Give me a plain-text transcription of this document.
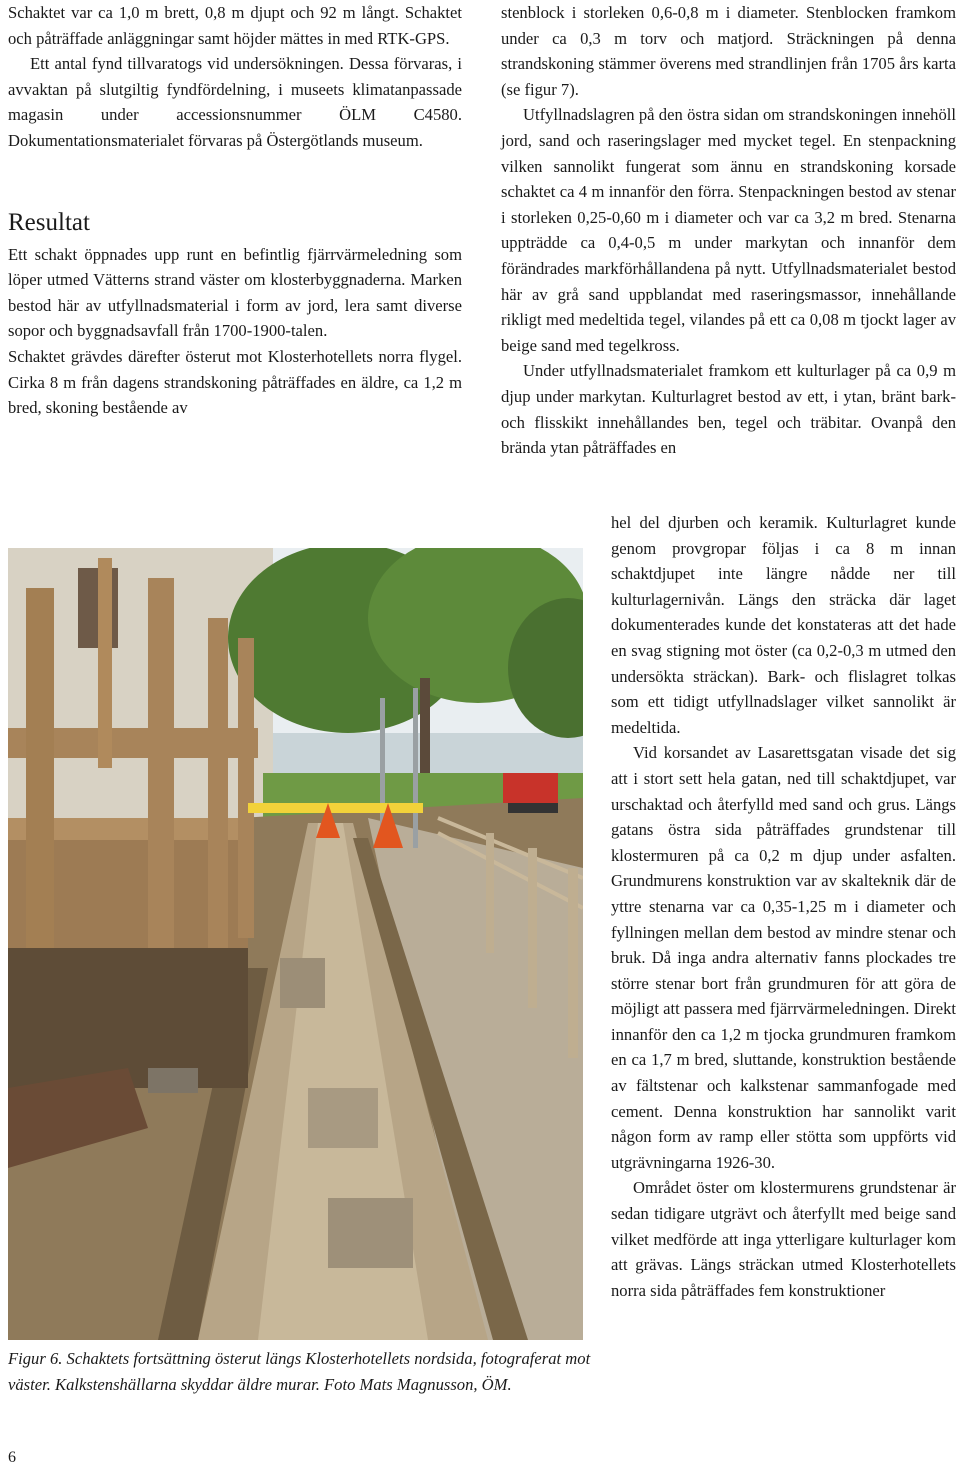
Schaktet var ca 1,0 m brett, 0,8 m djupt och 92 m långt. Schaktet och påträffade anläggningar samt höjder mättes in med RTK-GPS.

Ett antal fynd tillvaratogs vid undersökningen. Dessa förvaras, i avvaktan på slutgiltig fyndfördelning, i museets klimatanpassade magasin under accessionsnummer ÖLM C4580. Dokumentationsmaterialet förvaras på Östergötlands museum.

Resultat

Ett schakt öppnades upp runt en befintlig fjärrvärmeledning som löper utmed Vätterns strand väster om klosterbyggnaderna. Marken bestod här av utfyllnadsmaterial i form av jord, lera samt diverse sopor och byggnadsavfall från 1700-1900-talen.

Schaktet grävdes därefter österut mot Klosterhotellets norra flygel. Cirka 8 m från dagens strandskoning påträffades en äldre, ca 1,2 m bred, skoning bestående av

stenblock i storleken 0,6-0,8 m i diameter. Stenblocken framkom under ca 0,3 m torv och matjord. Sträckningen på denna strandskoning stämmer överens med strandlinjen från 1705 års karta (se figur 7).

Utfyllnadslagren på den östra sidan om strandskoningen innehöll jord, sand och raseringslager med mycket tegel. En stenpackning vilken sannolikt fungerat som ännu en strandskoning korsade schaktet ca 4 m innanför den förra. Stenpackningen bestod av stenar i storleken 0,25-0,60 m i diameter och var ca 3,2 m bred. Stenarna uppträdde ca 0,4-0,5 m under markytan och innanför dem förändrades markförhållandena på nytt. Utfyllnadsmaterialet bestod här av grå sand uppblandat med raseringsmassor, innehållande rikligt med medeltida tegel, vilandes på ett ca 0,08 m tjockt lager av beige sand med tegelkross.

Under utfyllnadsmaterialet framkom ett kulturlager på ca 0,9 m djup under markytan. Kulturlagret bestod av ett, i ytan, bränt bark- och flisskikt innehållandes ben, tegel och träbitar. Ovanpå den brända ytan påträffades en

hel del djurben och keramik. Kulturlagret kunde genom provgropar följas i ca 8 m innan schaktdjupet inte längre nådde ner till kulturlagernivån. Längs den sträcka där laget dokumenterades kunde det konstateras att det hade en svag stigning mot öster (ca 0,2-0,3 m utmed den undersökta sträckan). Bark- och flislagret tolkas som ett tidigt utfyllnadslager vilket sannolikt är medeltida.

Vid korsandet av Lasarettsgatan visade det sig att i stort sett hela gatan, ned till schaktdjupet, var urschaktad och återfylld med sand och grus. Längs gatans östra sida påträffades grundstenar till klostermuren på ca 0,2 m djup under asfalten. Grundmurens konstruktion var av skalteknik där de yttre stenarna var ca 0,35-1,25 m i diameter och fyllningen mellan dem bestod av mindre stenar och bruk. Då inga andra alternativ fanns plockades tre större stenar bort från grundmuren för att göra de möjligt att passera med fjärrvärmeledningen. Direkt innanför den ca 1,2 m tjocka grundmuren framkom en ca 1,7 m bred, sluttande, konstruktion bestående av fältstenar och kalkstenar sammanfogade med cement. Denna konstruktion har sannolikt varit någon form av ramp eller stötta som uppförts vid utgrävningarna 1926-30.

Området öster om klostermurens grundstenar är sedan tidigare utgrävt och återfyllt med beige sand vilket medförde att inga ytterligare kulturlager kom att grävas. Längs sträckan utmed Klosterhotellets norra sida påträffades fem konstruktioner

Figur 6. Schaktets fortsättning österut längs Klosterhotellets nordsida, fotograferat mot väster. Kalkstenshällarna skyddar äldre murar. Foto Mats Magnusson, ÖM.

6
